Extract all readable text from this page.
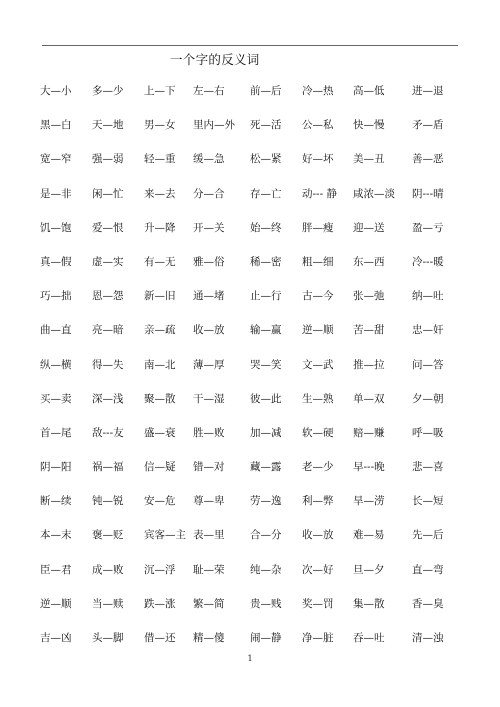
一个字的反义词
大—小 多—少 上—下 左—右 前—后 冷—热 高—低	进—退
黑—白 天—地 男—女 里内—外 死—活 公—私 快—慢	矛—盾
宽—窄 强—弱 轻—重 缓—急 松—紧 好—坏 美—丑	善—恶
是—非 闲—忙 来—去 分—合 存—亡 动--- 静 咸浓—淡 阴---晴
饥—饱 爱—恨 升—降 开—关 始—终 胖—瘦 迎—送	盈—亏
真—假 虚—实 有—无 雅—俗 稀—密 粗—细 东—西	冷---暖
巧—拙 恩—怨 新—旧 通—堵 止—行 古—今 张—弛	纳—吐
曲—直 亮—暗 亲—疏 收—放 输—赢 逆—顺 苦—甜	忠—奸
纵—横 得—失 南—北 薄—厚 哭—笑 文—武 推—拉	问—答
买—卖 深—浅 聚—散 干—湿 彼—此 生—熟 单—双	夕—朝
首—尾 敌---友 盛—衰 胜—败 加—减 软—硬 赔—赚	呼—吸
阴—阳 祸—福 信—疑 错—对 藏—露 老—少 早---晚	悲—喜
断—续 钝—锐 安—危 尊—卑 劳—逸 利—弊 旱—涝	长—短
本—末 褒—贬 宾客—主 表—里 合—分 收—放 难—易	先—后
臣—君 成—败 沉—浮 耻—荣 纯—杂 次—好 旦—夕	直—弯
逆—顺 当—赎 跌—涨 繁—简 贵—贱 奖—罚 集—散	香—臭
吉—凶 头—脚 借—还 精—傻 闹—静 净—脏 吞—吐	清—浊
1
